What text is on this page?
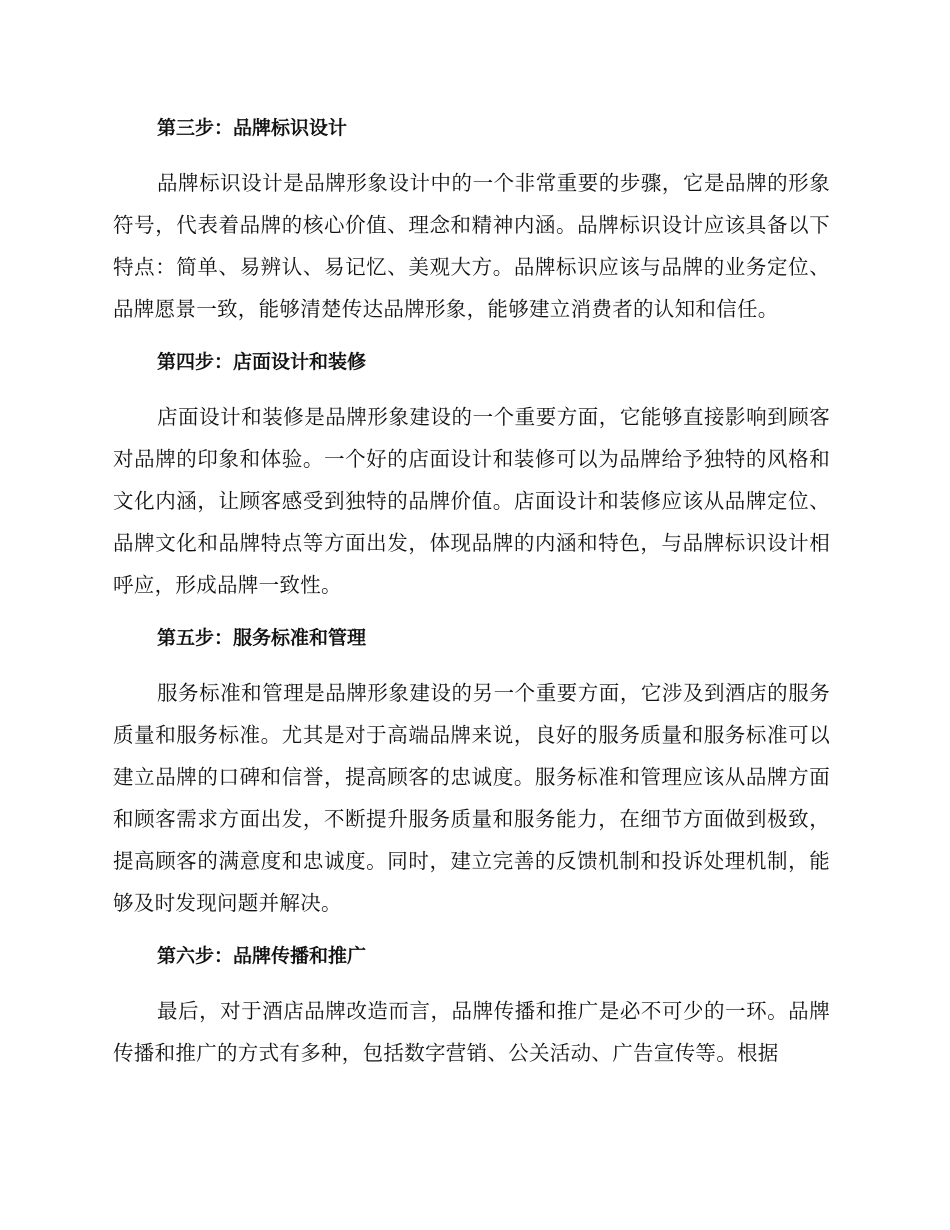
第三步：品牌标识设计

品牌标识设计是品牌形象设计中的一个非常重要的步骤，它是品牌的形象符号，代表着品牌的核心价值、理念和精神内涵。品牌标识设计应该具备以下特点：简单、易辨认、易记忆、美观大方。品牌标识应该与品牌的业务定位、品牌愿景一致，能够清楚传达品牌形象，能够建立消费者的认知和信任。

第四步：店面设计和装修

店面设计和装修是品牌形象建设的一个重要方面，它能够直接影响到顾客对品牌的印象和体验。一个好的店面设计和装修可以为品牌给予独特的风格和文化内涵，让顾客感受到独特的品牌价值。店面设计和装修应该从品牌定位、品牌文化和品牌特点等方面出发，体现品牌的内涵和特色，与品牌标识设计相呼应，形成品牌一致性。

第五步：服务标准和管理

服务标准和管理是品牌形象建设的另一个重要方面，它涉及到酒店的服务质量和服务标准。尤其是对于高端品牌来说，良好的服务质量和服务标准可以建立品牌的口碑和信誉，提高顾客的忠诚度。服务标准和管理应该从品牌方面和顾客需求方面出发，不断提升服务质量和服务能力，在细节方面做到极致，提高顾客的满意度和忠诚度。同时，建立完善的反馈机制和投诉处理机制，能够及时发现问题并解决。

第六步：品牌传播和推广

最后，对于酒店品牌改造而言，品牌传播和推广是必不可少的一环。品牌传播和推广的方式有多种，包括数字营销、公关活动、广告宣传等。根据
